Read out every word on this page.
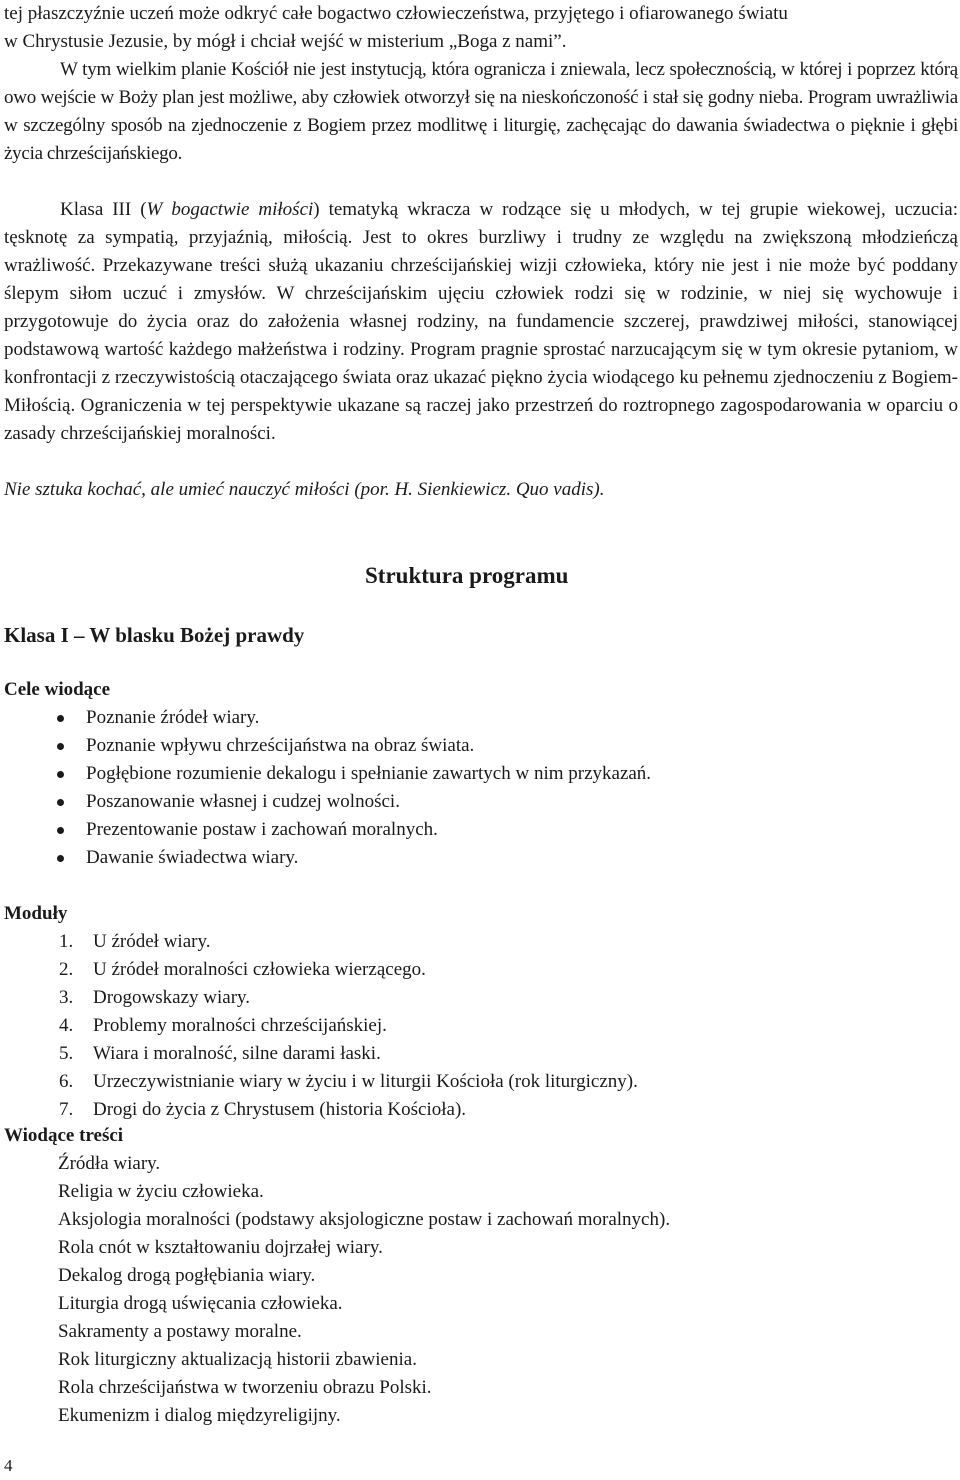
tej płaszczyźnie uczeń może odkryć całe bogactwo człowieczeństwa, przyjętego i ofiarowanego światu

w Chrystusie Jezusie, by mógł i chciał wejść w misterium „Boga z nami”.

W tym wielkim planie Kościół nie jest instytucją, która ogranicza i zniewala, lecz społecznością, w której i poprzez którą owo wejście w Boży plan jest możliwe, aby człowiek otworzył się na nieskończoność i stał się godny nieba. Program uwrażliwia w szczególny sposób na zjednoczenie z Bogiem przez modlitwę i liturgię, zachęcając do dawania świadectwa o pięknie i głębi życia chrześcijańskiego.

Klasa III (W bogactwie miłości) tematyką wkracza w rodzące się u młodych, w tej grupie wiekowej, uczucia: tęsknotę za sympatią, przyjaźnią, miłością. Jest to okres burzliwy i trudny ze względu na zwiększoną młodzieńczą wrażliwość. Przekazywane treści służą ukazaniu chrześcijańskiej wizji człowieka, który nie jest i nie może być poddany ślepym siłom uczuć i zmysłów. W chrześcijańskim ujęciu człowiek rodzi się w rodzinie, w niej się wychowuje i przygotowuje do życia oraz do założenia własnej rodziny, na fundamencie szczerej, prawdziwej miłości, stanowiącej podstawową wartość każdego małżeństwa i rodziny. Program pragnie sprostać narzucającym się w tym okresie pytaniom, w konfrontacji z rzeczywistością otaczającego świata oraz ukazać piękno życia wiodącego ku pełnemu zjednoczeniu z Bogiem-Miłością. Ograniczenia w tej perspektywie ukazane są raczej jako przestrzeń do roztropnego zagospodarowania w oparciu o zasady chrześcijańskiej moralności.

Nie sztuka kochać, ale umieć nauczyć miłości (por. H. Sienkiewicz. Quo vadis).

Struktura programu
Klasa I – W blasku Bożej prawdy
Cele wiodące
Poznanie źródeł wiary.
Poznanie wpływu chrześcijaństwa na obraz świata.
Pogłębione rozumienie dekalogu i spełnianie zawartych w nim przykazań.
Poszanowanie własnej i cudzej wolności.
Prezentowanie postaw i zachowań moralnych.
Dawanie świadectwa wiary.
Moduły
1. U źródeł wiary.
2. U źródeł moralności człowieka wierzącego.
3. Drogowskazy wiary.
4. Problemy moralności chrześcijańskiej.
5. Wiara i moralność, silne darami łaski.
6. Urzeczywistnianie wiary w życiu i w liturgii Kościoła (rok liturgiczny).
7. Drogi do życia z Chrystusem (historia Kościoła).
Wiodące treści
Źródła wiary.
Religia w życiu człowieka.
Aksjologia moralności (podstawy aksjologiczne postaw i zachowań moralnych).
Rola cnót w kształtowaniu dojrzałej wiary.
Dekalog drogą pogłębiania wiary.
Liturgia drogą uświęcania człowieka.
Sakramenty a postawy moralne.
Rok liturgiczny aktualizacją historii zbawienia.
Rola chrześcijaństwa w tworzeniu obrazu Polski.
Ekumenizm i dialog międzyreligijny.

4
